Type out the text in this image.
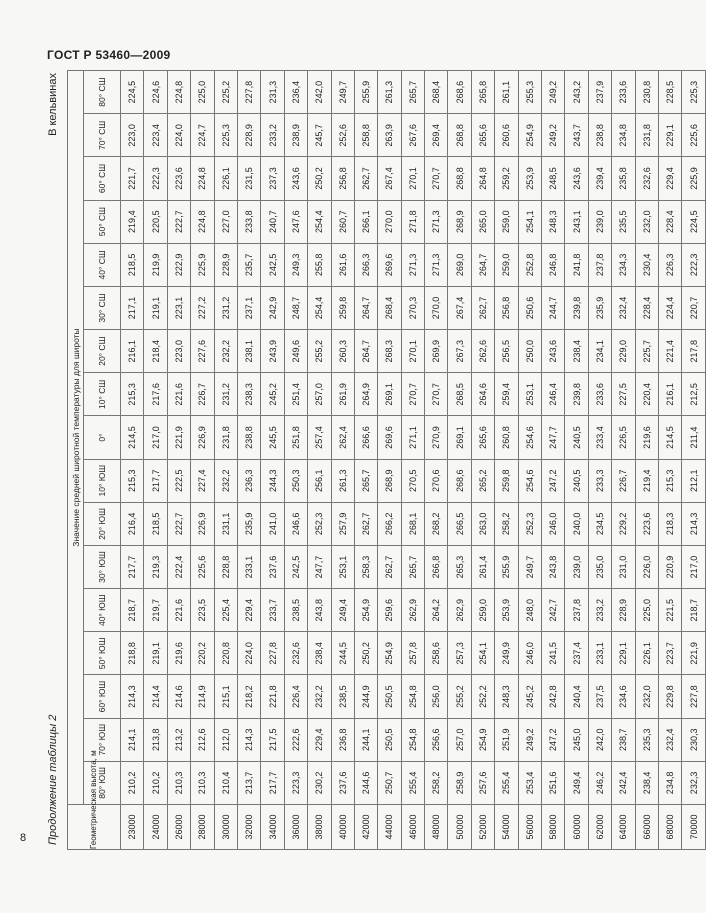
ГОСТ Р 53460—2009
Продолжение таблицы 2
В кельвинах
Геометрическая высота, м	Значение средней широтной температуры для широты																
	80° ЮШ	70° ЮШ	60° ЮШ	50° ЮШ	40° ЮШ	30° ЮШ	20° ЮШ	10° ЮШ	0°	10° СШ	20° СШ	30° СШ	40° СШ	50° СШ	60° СШ	70° СШ	80° СШ
23000	210,2	214,1	214,3	218,8	218,7	217,7	216,4	215,3	214,5	215,3	216,1	217,1	218,5	219,4	221,7	223,0	224,5
24000	210,2	213,8	214,4	219,1	219,7	219,3	218,5	217,7	217,0	217,6	218,4	219,1	219,9	220,5	222,3	223,4	224,6
26000	210,3	213,2	214,6	219,6	221,6	222,4	222,7	222,5	221,9	221,6	223,0	223,1	222,9	222,7	223,6	224,0	224,8
28000	210,3	212,6	214,9	220,2	223,5	225,6	226,9	227,4	226,9	226,7	227,6	227,2	225,9	224,8	224,8	224,7	225,0
30000	210,4	212,0	215,1	220,8	225,4	228,8	231,1	232,2	231,8	231,2	232,2	231,2	228,9	227,0	226,1	225,3	225,2
32000	213,7	214,3	218,2	224,0	229,4	233,1	235,9	236,3	238,8	238,3	238,1	237,1	235,7	233,8	231,5	228,9	227,8
34000	217,7	217,5	221,8	227,8	233,7	237,6	241,0	244,3	245,5	245,2	243,9	242,9	242,5	240,7	237,3	233,2	231,3
36000	223,3	222,6	226,4	232,6	238,5	242,5	246,6	250,3	251,8	251,4	249,6	248,7	249,3	247,6	243,6	238,9	236,4
38000	230,2	229,4	232,2	238,4	243,8	247,7	252,3	256,1	257,4	257,0	255,2	254,4	255,8	254,4	250,2	245,7	242,0
40000	237,6	236,8	238,5	244,5	249,4	253,1	257,9	261,3	262,4	261,9	260,3	259,8	261,6	260,7	256,8	252,6	249,7
42000	244,6	244,1	244,9	250,2	254,9	258,3	262,7	265,7	266,6	264,9	264,7	264,7	266,3	266,1	262,7	258,8	255,9
44000	250,7	250,5	250,5	254,9	259,6	262,7	266,2	268,9	269,6	269,1	268,3	268,4	269,6	270,0	267,4	263,9	261,3
46000	255,4	254,8	254,8	257,8	262,9	265,7	268,1	270,5	271,1	270,7	270,1	270,3	271,3	271,8	270,1	267,6	265,7
48000	258,2	256,6	256,0	258,6	264,2	266,8	268,2	270,6	270,9	270,7	269,9	270,0	271,3	271,3	270,7	269,4	268,4
50000	258,9	257,0	255,2	257,3	262,9	265,3	266,5	268,6	269,1	268,5	267,3	267,4	269,0	268,9	268,8	268,8	268,6
52000	257,6	254,9	252,2	254,1	259,0	261,4	263,0	265,2	265,6	264,6	262,6	262,7	264,7	265,0	264,8	265,6	265,8
54000	255,4	251,9	248,3	249,9	253,9	255,9	258,2	259,8	260,8	259,4	256,5	256,8	259,0	259,0	259,2	260,6	261,1
56000	253,4	249,2	245,2	246,0	248,0	249,7	252,3	254,6	254,6	253,1	250,0	250,6	252,8	254,1	253,9	254,9	255,3
58000	251,6	247,2	242,8	241,5	242,7	243,8	246,0	247,2	247,7	246,4	243,6	244,7	246,8	248,3	248,5	249,2	249,2
60000	249,4	245,0	240,4	237,4	237,8	239,0	240,0	240,5	240,5	239,8	238,4	239,8	241,8	243,1	243,6	243,7	243,2
62000	246,2	242,0	237,5	233,1	233,2	235,0	234,5	233,3	233,4	233,6	234,1	235,9	237,8	239,0	239,4	238,8	237,9
64000	242,4	238,7	234,6	229,1	228,9	231,0	229,2	226,7	226,5	227,5	229,0	232,4	234,3	235,5	235,8	234,8	233,6
66000	238,4	235,3	232,0	226,1	225,0	226,0	223,6	219,4	219,6	220,4	225,7	228,4	230,4	232,0	232,6	231,8	230,8
68000	234,8	232,4	229,8	223,7	221,5	220,9	218,3	215,3	214,5	216,1	221,4	224,4	226,3	228,4	229,4	229,1	228,5
70000	232,3	230,3	227,8	221,9	218,7	217,0	214,3	212,1	211,4	212,5	217,8	220,7	222,3	224,5	225,9	225,6	225,3
8
